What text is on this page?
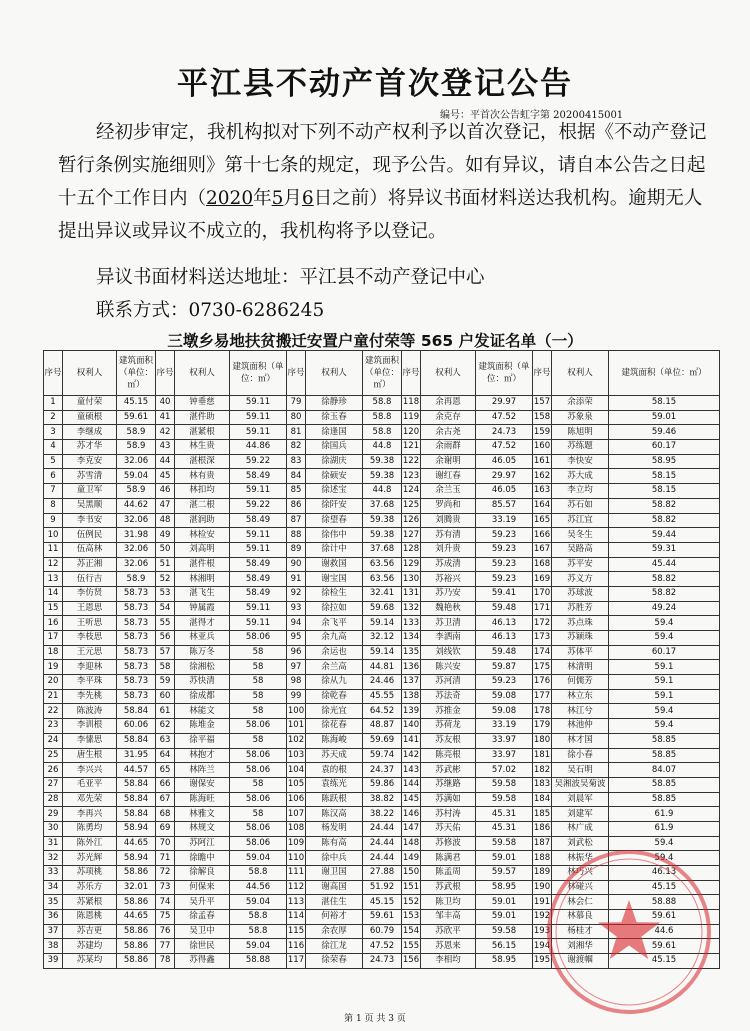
平江县不动产首次登记公告
编号：平首次公告虹字第 20200415001
经初步审定，我机构拟对下列不动产权利予以首次登记，根据《不动产登记暂行条例实施细则》第十七条的规定，现予公告。如有异议，请自本公告之日起十五个工作日内（2020年5月6日之前）将异议书面材料送达我机构。逾期无人提出异议或异议不成立的，我机构将予以登记。
异议书面材料送达地址：平江县不动产登记中心
联系方式：0730-6286245
三墩乡易地扶贫搬迁安置户童付荣等 565 户发证名单（一）
序号	权利人	建筑面积（单位：㎡）	序号	权利人	建筑面积（单位：㎡）	序号	权利人	建筑面积（单位：㎡）	序号	权利人	建筑面积（单位：㎡）	序号	权利人	建筑面积（单位：㎡）
1	童付荣	45.15	40	钟垂慈	59.11	79	徐静珍	58.8	118	余再恩	29.97	157	余添荣	58.15
2	童硕根	59.61	41	湛件助	59.11	80	徐玉春	58.8	119	余克存	47.52	158	苏象泉	59.01
3	李继成	58.9	42	湛紧根	59.11	81	徐逢国	58.8	120	余古尧	24.73	159	陈旭明	59.46
4	苏才华	58.9	43	林生贵	44.86	82	徐国兵	44.8	121	余雨群	47.52	160	苏练题	60.17
5	李克安	32.06	44	湛根深	59.22	83	徐湖庆	59.38	122	余谢明	46.05	161	李快安	58.95
6	苏雪清	59.04	45	林有贵	58.49	84	徐硕安	59.38	123	谢红春	29.97	162	苏大成	58.15
7	童卫军	58.9	46	林扣均	59.11	85	徐述宝	44.8	124	余兰玉	46.05	163	李立均	58.15
8	吴黑顺	44.62	47	湛二根	59.22	86	徐阡安	37.68	125	罗尚和	85.57	164	苏石如	58.82
9	李书安	32.06	48	湛润助	58.49	87	徐望春	59.38	126	刘腾贵	33.19	165	苏江宜	58.82
10	伍例民	31.98	49	林检安	59.11	88	徐伟中	59.38	127	苏有清	59.23	166	吴冬生	59.44
11	伍高林	32.06	50	刘高明	59.11	89	徐计中	37.68	128	刘升贵	59.23	167	吴路高	59.31
12	苏正湘	32.06	51	湛件根	58.49	90	谢救国	63.56	129	苏成清	59.23	168	苏平安	45.44
13	伍行吉	58.9	52	林湘明	58.49	91	谢宝国	63.56	130	苏裕兴	59.23	169	苏义方	58.82
14	李仿贤	58.73	53	湛飞生	58.49	92	徐检生	32.41	131	苏乃安	59.41	170	苏球波	58.82
15	王恩思	58.73	54	钟属霞	59.11	93	徐拉如	59.68	132	魏艳秋	59.48	171	苏胜芳	49.24
16	王听思	58.73	55	湛得才	59.11	94	余飞平	59.14	133	苏卫清	46.13	172	苏点珠	59.4
17	李枝思	58.73	56	林亚兵	58.06	95	余九高	32.12	134	李洒南	46.13	173	苏颖珠	59.4
18	王元思	58.73	57	陈万冬	58	96	余运也	59.14	135	刘线钦	59.48	174	苏体平	60.17
19	李迎林	58.73	58	徐湘松	58	97	余兰高	44.81	136	陈兴安	59.87	175	林清明	59.1
20	李平珠	58.73	59	苏快清	58	98	徐从九	24.46	137	苏河清	59.23	176	何儒芳	59.1
21	李先桃	58.73	60	徐成都	58	99	徐乾春	45.55	138	苏法奇	59.08	177	林立东	59.1
22	陈波涛	58.84	61	林能文	58	100	徐光宜	64.52	139	苏推金	59.08	178	林江兮	59.4
23	李训根	60.06	62	陈堆金	58.06	101	徐花春	48.87	140	苏荷龙	33.19	179	林池仲	59.4
24	李愫思	58.84	63	徐平福	58	102	陈海峻	59.69	141	苏友根	33.97	180	林才国	58.85
25	唐生根	31.95	64	林抱才	58.06	103	苏天成	59.74	142	陈亮根	33.97	181	徐小春	58.85
26	李兴兴	44.57	65	林阵兰	58.06	104	袁的根	24.37	143	苏武彬	57.02	182	吴石明	84.07
27	毛亚平	58.84	66	谢保安	58	105	袁练光	59.86	144	苏继路	59.58	183	吴湘波吴菊波	58.85
28	邓先荣	58.84	67	陈海旺	58.06	106	陈跃根	38.82	145	苏满如	59.58	184	刘晨军	58.85
29	李再兴	58.84	68	林雅文	58	107	陈汉高	38.22	146	苏村涛	45.31	185	刘建军	61.9
30	陈勇均	58.94	69	林规文	58.06	108	杨发明	24.44	147	苏天佑	45.31	186	林广成	61.9
31	陈外江	44.65	70	苏阿江	58.06	109	陈有高	24.44	148	苏修波	59.58	187	刘武松	59.4
32	苏光辉	58.94	71	徐瞻中	59.04	110	徐中兵	24.44	149	陈满君	59.01	188	林振华	59.4
33	苏项桃	58.86	72	徐解良	58.8	111	谢卫国	27.88	150	陈孟周	59.57	189	林巧兴	46.13
34	苏乐方	32.01	73	何保来	44.56	112	谢高国	51.92	151	苏武根	58.95	190	林碰兴	45.15
35	苏紧根	58.86	74	吴升平	59.04	113	湛住生	45.15	152	陈卫均	59.01	191	林会仁	58.88
36	陈恩桃	44.65	75	徐孟春	58.8	114	何裕才	59.61	153	邹丰高	59.01	192	林慕良	59.61
37	苏吉更	58.86	76	吴卫中	58.8	115	余农厚	60.79	154	苏欣平	59.58	193	杨桂才	44.6
38	苏建均	58.86	77	徐世民	59.04	116	徐江龙	47.52	155	苏恩来	56.15	194	刘湘华	59.61
39	苏某均	58.86	78	苏得鑫	58.88	117	徐荣春	24.73	156	李相均	58.95	195	谢渡帼	45.15
第 1 页 共 3 页
